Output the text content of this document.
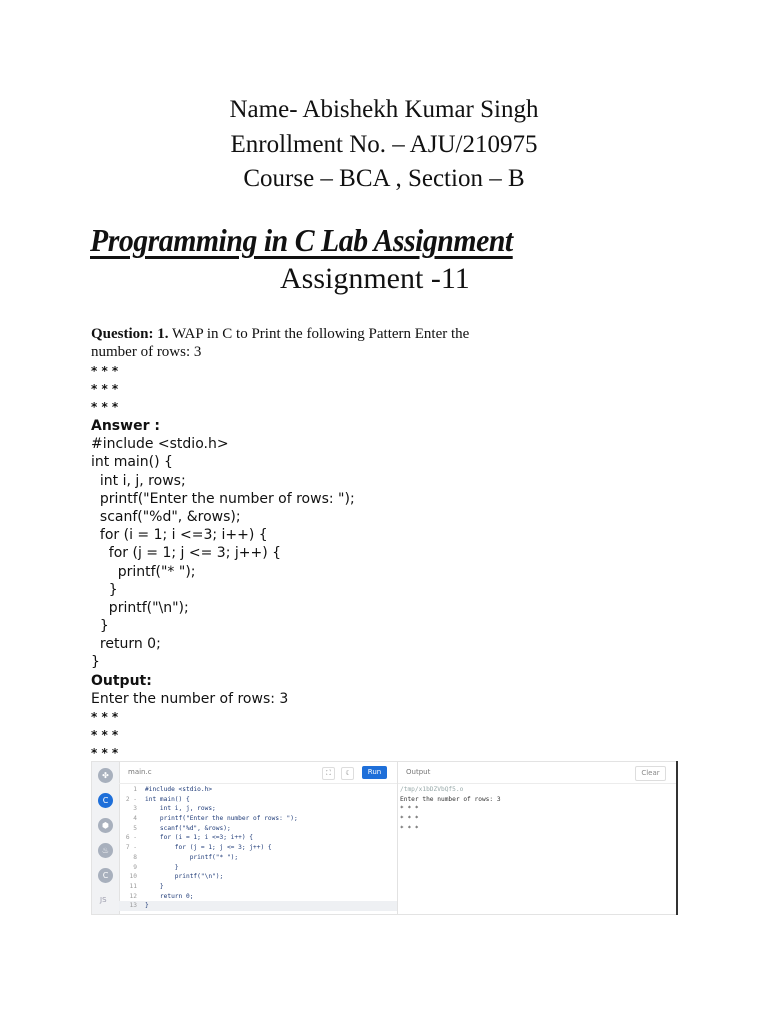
Name- Abishekh Kumar Singh
Enrollment No. – AJU/210975
Course – BCA , Section – B
Programming in C Lab Assignment
Assignment -11
Question: 1. WAP in C to Print the following Pattern Enter the number of rows: 3
* * *
* * *
* * *
Answer :
#include <stdio.h>
int main() {
int i, j, rows;
printf("Enter the number of rows: ");
scanf("%d", &rows);
for (i = 1; i <=3; i++) {
for (j = 1; j <= 3; j++) {
printf("* ");
}
printf("\n");
}
return 0;
}
Output:
Enter the number of rows: 3
* * *
* * *
* * *
✤
C
⬢
♨
C
JS
main.c	⛶	☾	Run	Output	Clear
1 #include <stdio.h>
2 - int main() {
3 int i, j, rows;
4 printf("Enter the number of rows: ");
5 scanf("%d", &rows);
6 - for (i = 1; i <=3; i++) {
7 - for (j = 1; j <= 3; j++) {
8 printf("* ");
9 }
10 printf("\n");
11 }
12 return 0;
13 }
/tmp/x1bDZVbQf5.o
Enter the number of rows: 3
* * *
* * *
* * *
